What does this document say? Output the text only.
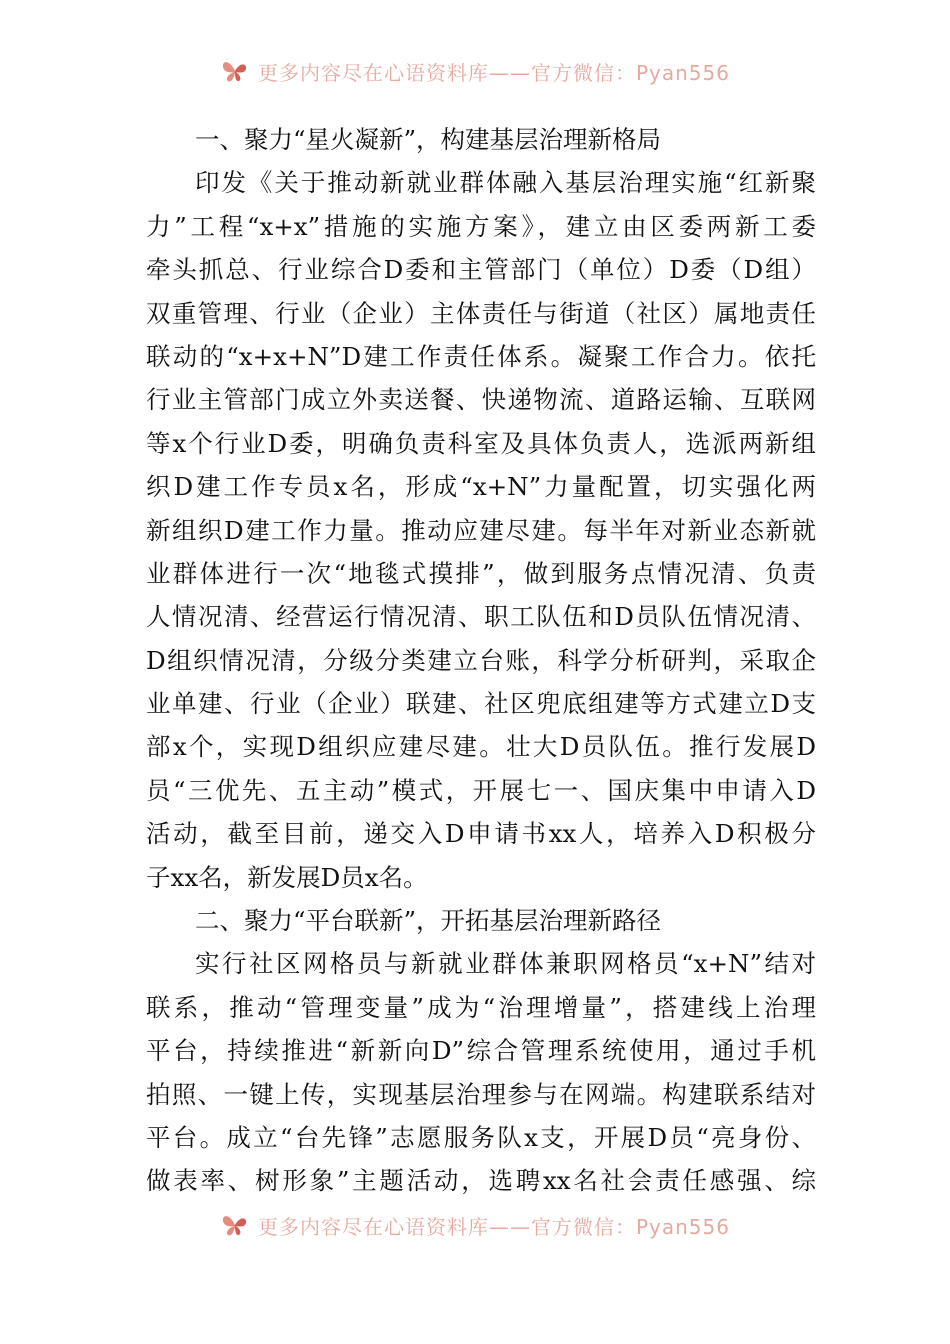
更多内容尽在心语资料库——官方微信：Pyan556
一、聚力“星火凝新”，构建基层治理新格局
印发《关于推动新就业群体融入基层治理实施“红新聚
力”工程“x+x”措施的实施方案》，建立由区委两新工委
牵头抓总、行业综合D委和主管部门（单位）D委（D组）
双重管理、行业（企业）主体责任与街道（社区）属地责任
联动的“x+x+N”D建工作责任体系。凝聚工作合力。依托
行业主管部门成立外卖送餐、快递物流、道路运输、互联网
等x个行业D委，明确负责科室及具体负责人，选派两新组
织D建工作专员x名，形成“x+N”力量配置，切实强化两
新组织D建工作力量。推动应建尽建。每半年对新业态新就
业群体进行一次“地毯式摸排”，做到服务点情况清、负责
人情况清、经营运行情况清、职工队伍和D员队伍情况清、
D组织情况清，分级分类建立台账，科学分析研判，采取企
业单建、行业（企业）联建、社区兜底组建等方式建立D支
部x个，实现D组织应建尽建。壮大D员队伍。推行发展D
员“三优先、五主动”模式，开展七一、国庆集中申请入D
活动，截至目前，递交入D申请书xx人，培养入D积极分
子xx名，新发展D员x名。
二、聚力“平台联新”，开拓基层治理新路径
实行社区网格员与新就业群体兼职网格员“x+N”结对
联系，推动“管理变量”成为“治理增量”，搭建线上治理
平台，持续推进“新新向D”综合管理系统使用，通过手机
拍照、一键上传，实现基层治理参与在网端。构建联系结对
平台。成立“台先锋”志愿服务队x支，开展D员“亮身份、
做表率、树形象”主题活动，选聘xx名社会责任感强、综
更多内容尽在心语资料库——官方微信：Pyan556
